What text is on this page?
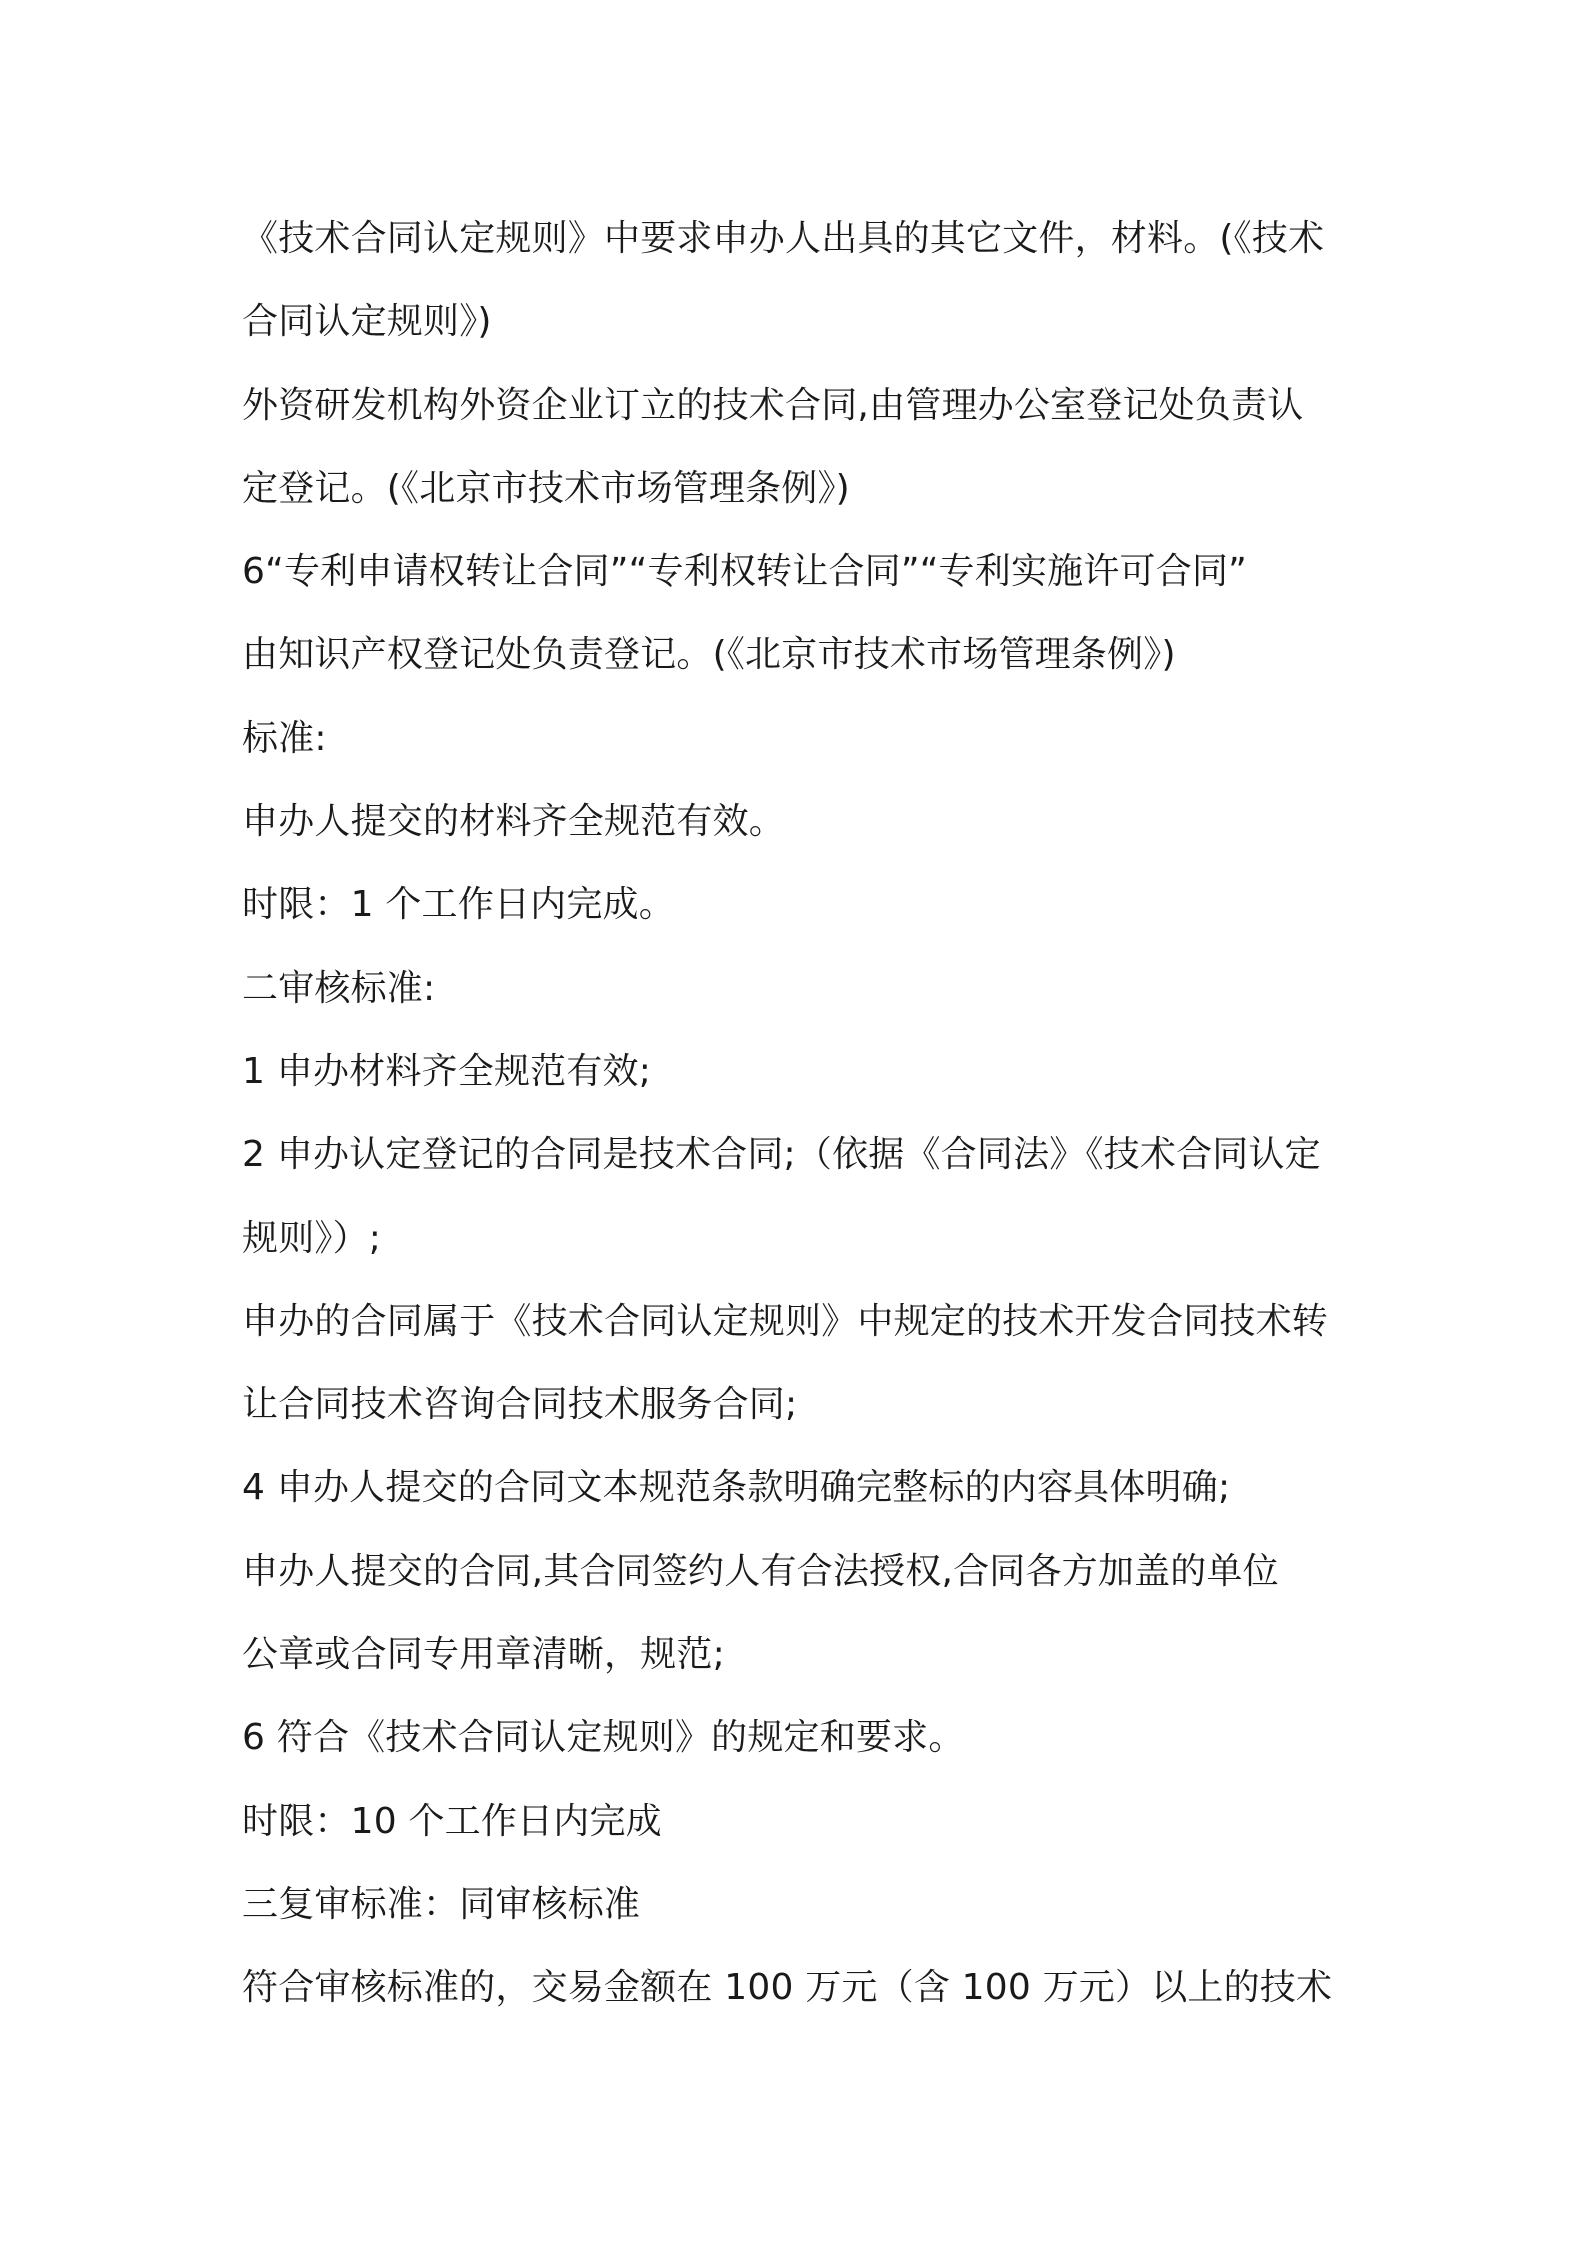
《技术合同认定规则》中要求申办人出具的其它文件，材料。(《技术
合同认定规则》)
外资研发机构外资企业订立的技术合同,由管理办公室登记处负责认
定登记。(《北京市技术市场管理条例》)
6“专利申请权转让合同”“专利权转让合同”“专利实施许可合同”
由知识产权登记处负责登记。(《北京市技术市场管理条例》)
标准:
申办人提交的材料齐全规范有效。
时限：1 个工作日内完成。
二审核标准:
1 申办材料齐全规范有效;
2 申办认定登记的合同是技术合同;（依据《合同法》《技术合同认定
规则》）;
申办的合同属于《技术合同认定规则》中规定的技术开发合同技术转
让合同技术咨询合同技术服务合同;
4 申办人提交的合同文本规范条款明确完整标的内容具体明确;
申办人提交的合同,其合同签约人有合法授权,合同各方加盖的单位
公章或合同专用章清晰，规范;
6 符合《技术合同认定规则》的规定和要求。
时限：10 个工作日内完成
三复审标准：同审核标准
符合审核标准的，交易金额在 100 万元（含 100 万元）以上的技术
